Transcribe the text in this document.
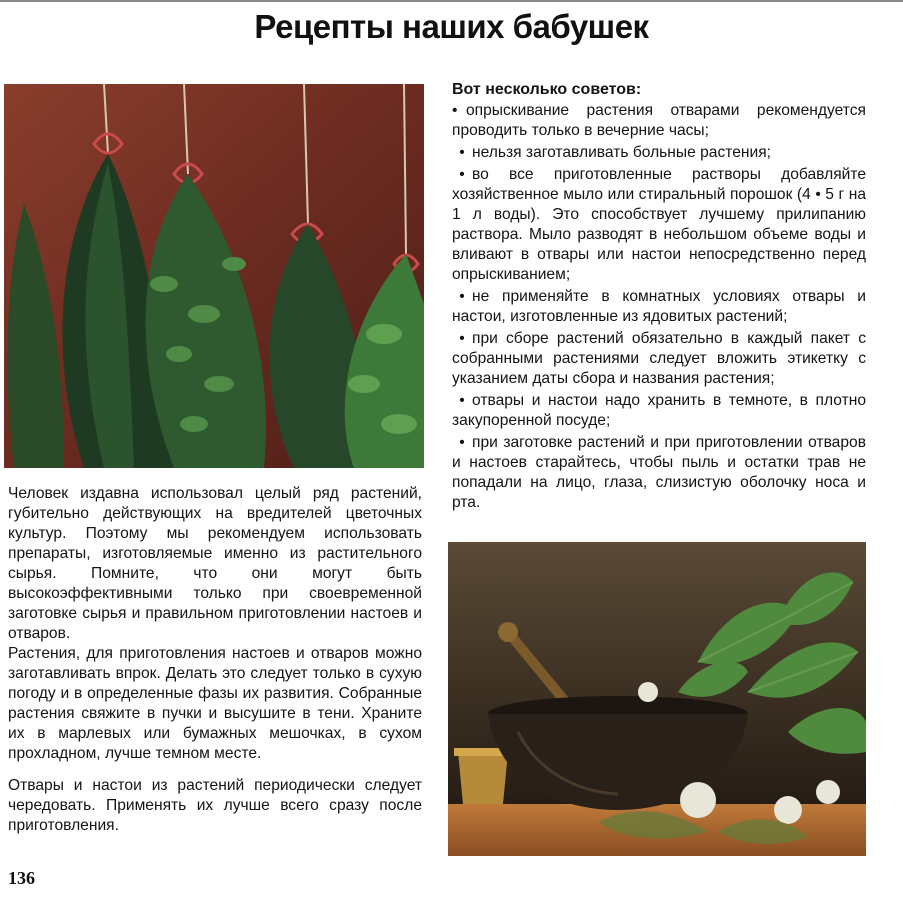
Рецепты наших бабушек

Человек издавна использовал целый ряд растений, губительно действующих на вредителей цветочных культур. Поэтому мы рекомендуем использовать препараты, изготовляемые именно из растительного сырья. Помните, что они могут быть высокоэффективными только при своевременной заготовке сырья и правильном приготовлении настоев и отваров.

Растения, для приготовления настоев и отваров можно заготавливать впрок. Делать это следует только в сухую погоду и в определенные фазы их развития. Собранные растения свяжите в пучки и высушите в тени. Храните их в марлевых или бумажных мешочках, в сухом прохладном, лучше темном месте.

Отвары и настои из растений периодически следует чередовать. Применять их лучше всего сразу после приготовления.

Вот несколько советов:
• опрыскивание растения отварами рекомендуется проводить только в вечерние часы;
• нельзя заготавливать больные растения;
• во все приготовленные растворы добавляйте хозяйственное мыло или стиральный порошок (4 • 5 г на 1 л воды). Это способствует лучшему прилипанию раствора. Мыло разводят в небольшом объеме воды и вливают в отвары или настои непосредственно перед опрыскиванием;
• не применяйте в комнатных условиях отвары и настои, изготовленные из ядовитых растений;
• при сборе растений обязательно в каждый пакет с собранными растениями следует вложить этикетку с указанием даты сбора и названия растения;
• отвары и настои надо хранить в темноте, в плотно закупоренной посуде;
• при заготовке растений и при приготовлении отваров и настоев старайтесь, чтобы пыль и остатки трав не попадали на лицо, глаза, слизистую оболочку носа и рта.
136
